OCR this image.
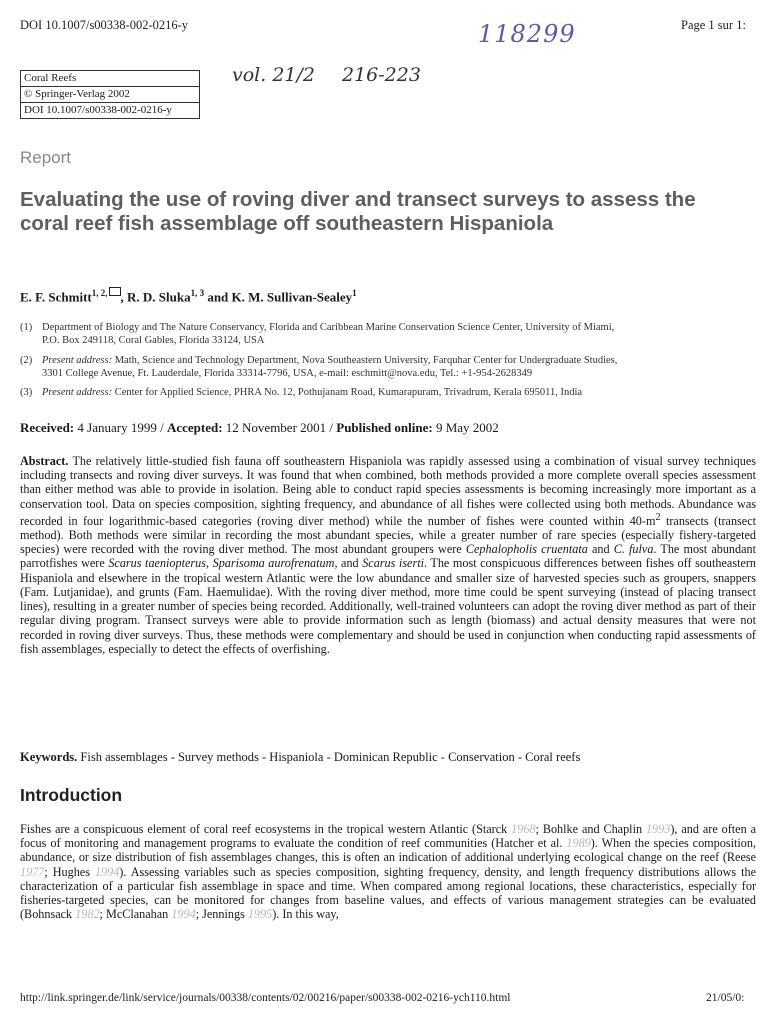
DOI 10.1007/s00338-002-0216-y	Page 1 sur 1:
118299
vol. 21/2 216-223
Coral Reefs
© Springer-Verlag 2002
DOI 10.1007/s00338-002-0216-y
Report
Evaluating the use of roving diver and transect surveys to assess the coral reef fish assemblage off southeastern Hispaniola
E. F. Schmitt$^{1, 2,}$ , R. D. Sluka$^{1, 3}$ and K. M. Sullivan-Sealey$^1$
(1) Department of Biology and The Nature Conservancy, Florida and Caribbean Marine Conservation Science Center, University of Miami,
P.O. Box 249118, Coral Gables, Florida 33124, USA
(2) Present address: Math, Science and Technology Department, Nova Southeastern University, Farquhar Center for Undergraduate Studies,
3301 College Avenue, Ft. Lauderdale, Florida 33314-7796, USA, e-mail: eschmitt@nova.edu, Tel.: +1-954-2628349
(3) Present address: Center for Applied Science, PHRA No. 12, Pothujanam Road, Kumarapuram, Trivadrum, Kerala 695011, India
Received: 4 January 1999 / Accepted: 12 November 2001 / Published online: 9 May 2002

Abstract. The relatively little-studied fish fauna off southeastern Hispaniola was rapidly assessed using a combination of visual survey techniques including transects and roving diver surveys. It was found that when combined, both methods provided a more complete overall species assessment than either method was able to provide in isolation. Being able to conduct rapid species assessments is becoming increasingly more important as a conservation tool. Data on species composition, sighting frequency, and abundance of all fishes were collected using both methods. Abundance was recorded in four logarithmic-based categories (roving diver method) while the number of fishes were counted within $40-m^2$ transects (transect method). Both methods were similar in recording the most abundant species, while a greater number of rare species (especially fishery-targeted species) were recorded with the roving diver method. The most abundant groupers were Cephalopholis cruentata and C. fulva. The most abundant parrotfishes were Scarus taeniopterus, Sparisoma aurofrenatum, and Scarus iserti. The most conspicuous differences between fishes off southeastern Hispaniola and elsewhere in the tropical western Atlantic were the low abundance and smaller size of harvested species such as groupers, snappers (Fam. Lutjanidae), and grunts (Fam. Haemulidae). With the roving diver method, more time could be spent surveying (instead of placing transect lines), resulting in a greater number of species being recorded. Additionally, well-trained volunteers can adopt the roving diver method as part of their regular diving program. Transect surveys were able to provide information such as length (biomass) and actual density measures that were not recorded in roving diver surveys. Thus, these methods were complementary and should be used in conjunction when conducting rapid assessments of fish assemblages, especially to detect the effects of overfishing.

Keywords. Fish assemblages - Survey methods - Hispaniola - Dominican Republic - Conservation - Coral reefs
Introduction

Fishes are a conspicuous element of coral reef ecosystems in the tropical western Atlantic (Starck 1968; Bohlke and Chaplin 1993), and are often a focus of monitoring and management programs to evaluate the condition of reef communities (Hatcher et al. 1989). When the species composition, abundance, or size distribution of fish assemblages changes, this is often an indication of additional underlying ecological change on the reef (Reese 1977; Hughes 1994). Assessing variables such as species composition, sighting frequency, density, and length frequency distributions allows the characterization of a particular fish assemblage in space and time. When compared among regional locations, these characteristics, especially for fisheries-targeted species, can be monitored for changes from baseline values, and effects of various management strategies can be evaluated (Bohnsack 1982; McClanahan 1994; Jennings 1995). In this way,

http://link.springer.de/link/service/journals/00338/contents/02/00216/paper/s00338-002-0216-ych110.html	21/05/0:
